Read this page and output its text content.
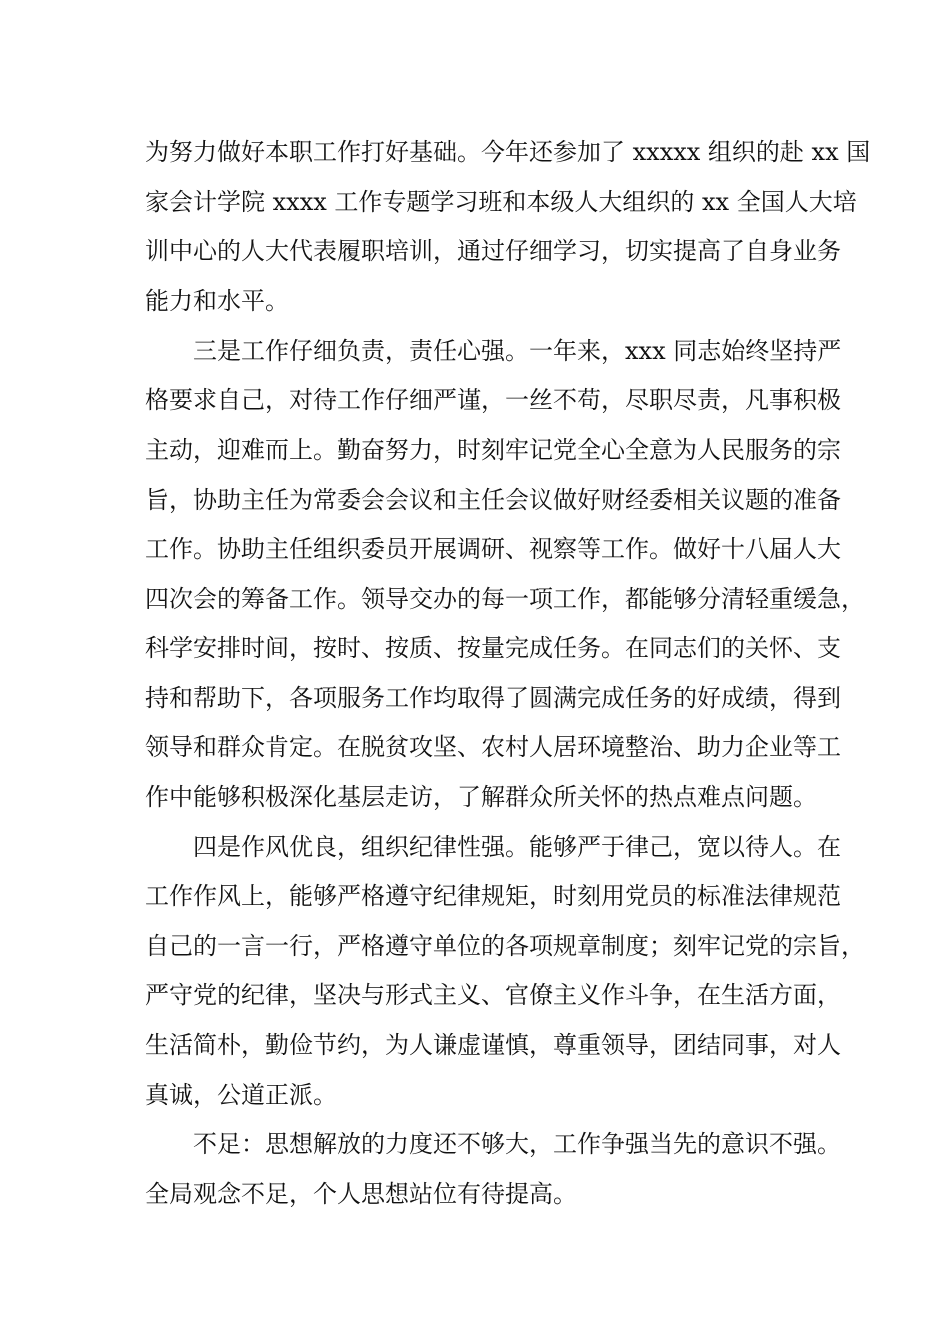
为努力做好本职工作打好基础。今年还参加了 xxxxx 组织的赴 xx 国
家会计学院 xxxx 工作专题学习班和本级人大组织的 xx 全国人大培
训中心的人大代表履职培训，通过仔细学习，切实提高了自身业务
能力和水平。
三是工作仔细负责，责任心强。一年来，xxx 同志始终坚持严
格要求自己，对待工作仔细严谨，一丝不苟，尽职尽责，凡事积极
主动，迎难而上。勤奋努力，时刻牢记党全心全意为人民服务的宗
旨，协助主任为常委会会议和主任会议做好财经委相关议题的准备
工作。协助主任组织委员开展调研、视察等工作。做好十八届人大
四次会的筹备工作。领导交办的每一项工作，都能够分清轻重缓急，
科学安排时间，按时、按质、按量完成任务。在同志们的关怀、支
持和帮助下，各项服务工作均取得了圆满完成任务的好成绩，得到
领导和群众肯定。在脱贫攻坚、农村人居环境整治、助力企业等工
作中能够积极深化基层走访，了解群众所关怀的热点难点问题。
四是作风优良，组织纪律性强。能够严于律己，宽以待人。在
工作作风上，能够严格遵守纪律规矩，时刻用党员的标准法律规范
自己的一言一行，严格遵守单位的各项规章制度；刻牢记党的宗旨，
严守党的纪律，坚决与形式主义、官僚主义作斗争，在生活方面，
生活简朴，勤俭节约，为人谦虚谨慎，尊重领导，团结同事，对人
真诚，公道正派。
不足：思想解放的力度还不够大，工作争强当先的意识不强。
全局观念不足，个人思想站位有待提高。
